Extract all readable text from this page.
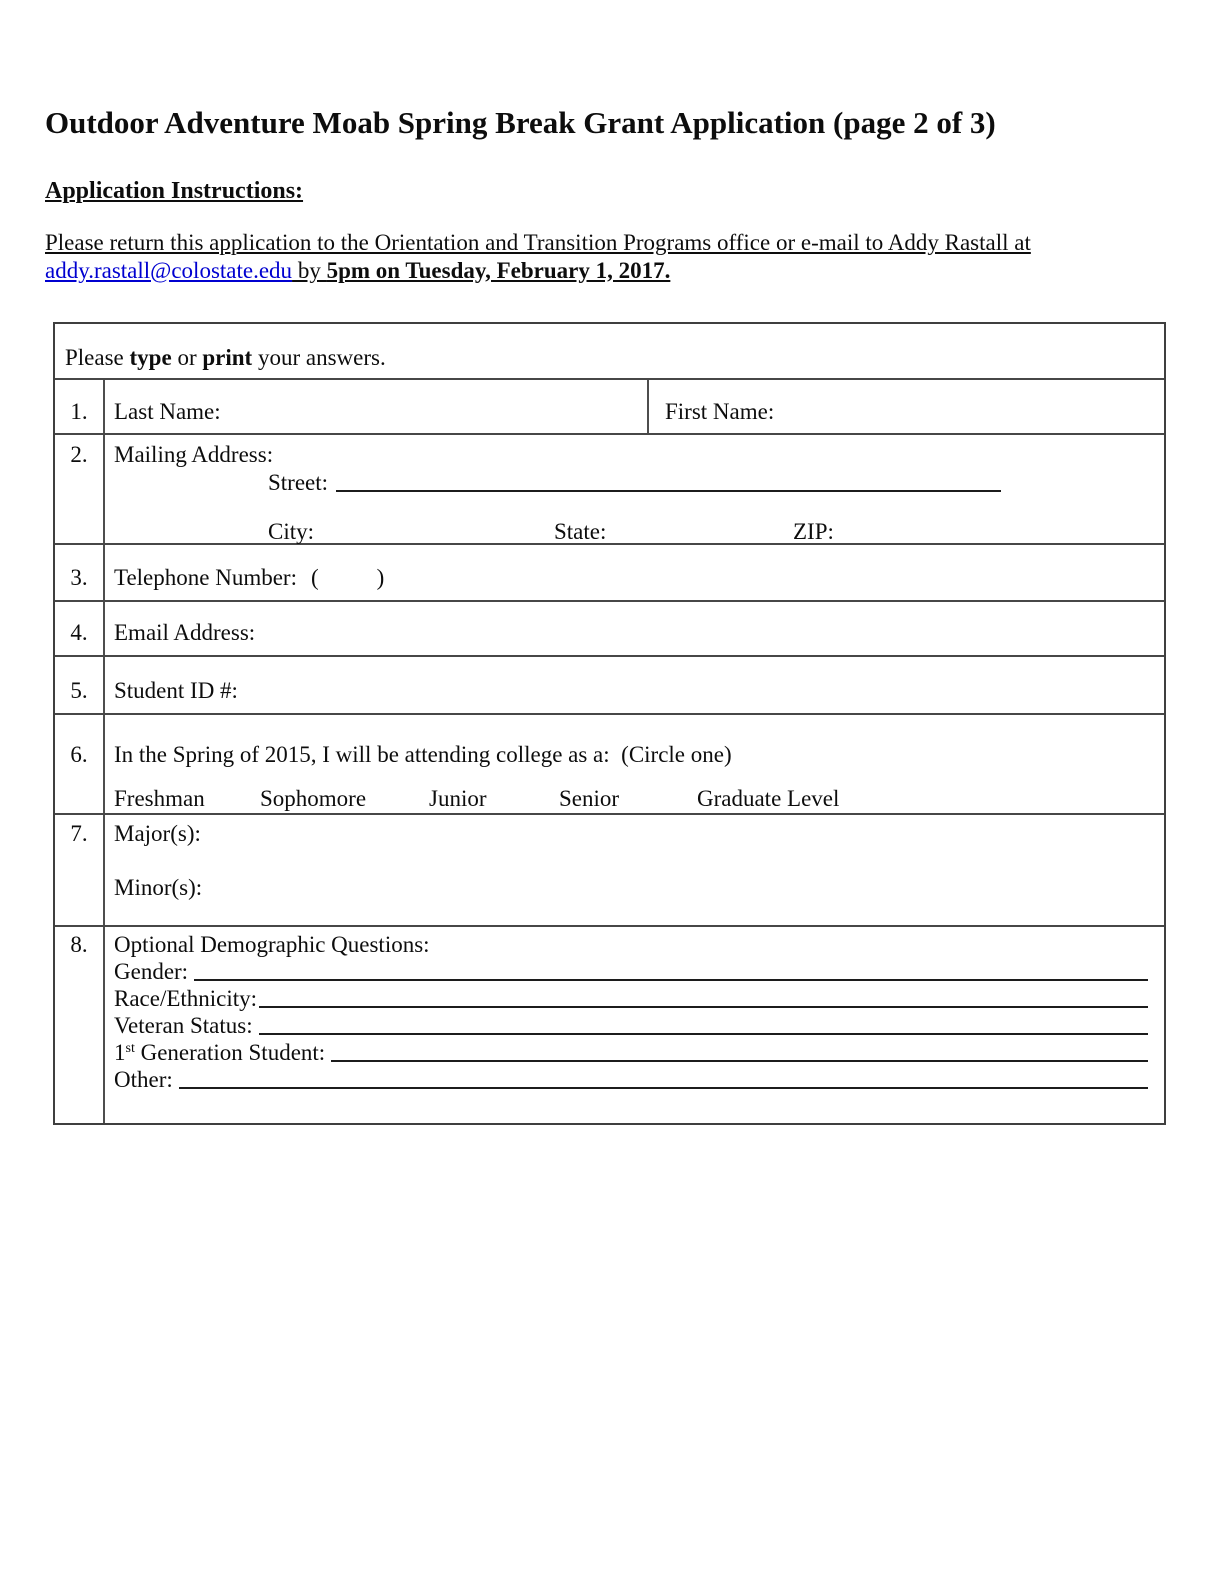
Outdoor Adventure Moab Spring Break Grant Application (page 2 of 3)
Application Instructions:

Please return this application to the Orientation and Transition Programs office or e-mail to Addy Rastall at
addy.rastall@colostate.edu by 5pm on Tuesday, February 1, 2017.

Please type or print your answers.
1.	Last Name:	First Name:
2.	Mailing Address:
Street:
City:	State:	ZIP:
3.	Telephone Number: (	)
4.	Email Address:
5.	Student ID #:
6.	In the Spring of 2015, I will be attending college as a:  (Circle one)
Freshman Sophomore	Junior	Senior	Graduate Level
7.	Major(s):
Minor(s):
8.	Optional Demographic Questions:
Gender:
Race/Ethnicity:
Veteran Status:
1st Generation Student:
Other:
